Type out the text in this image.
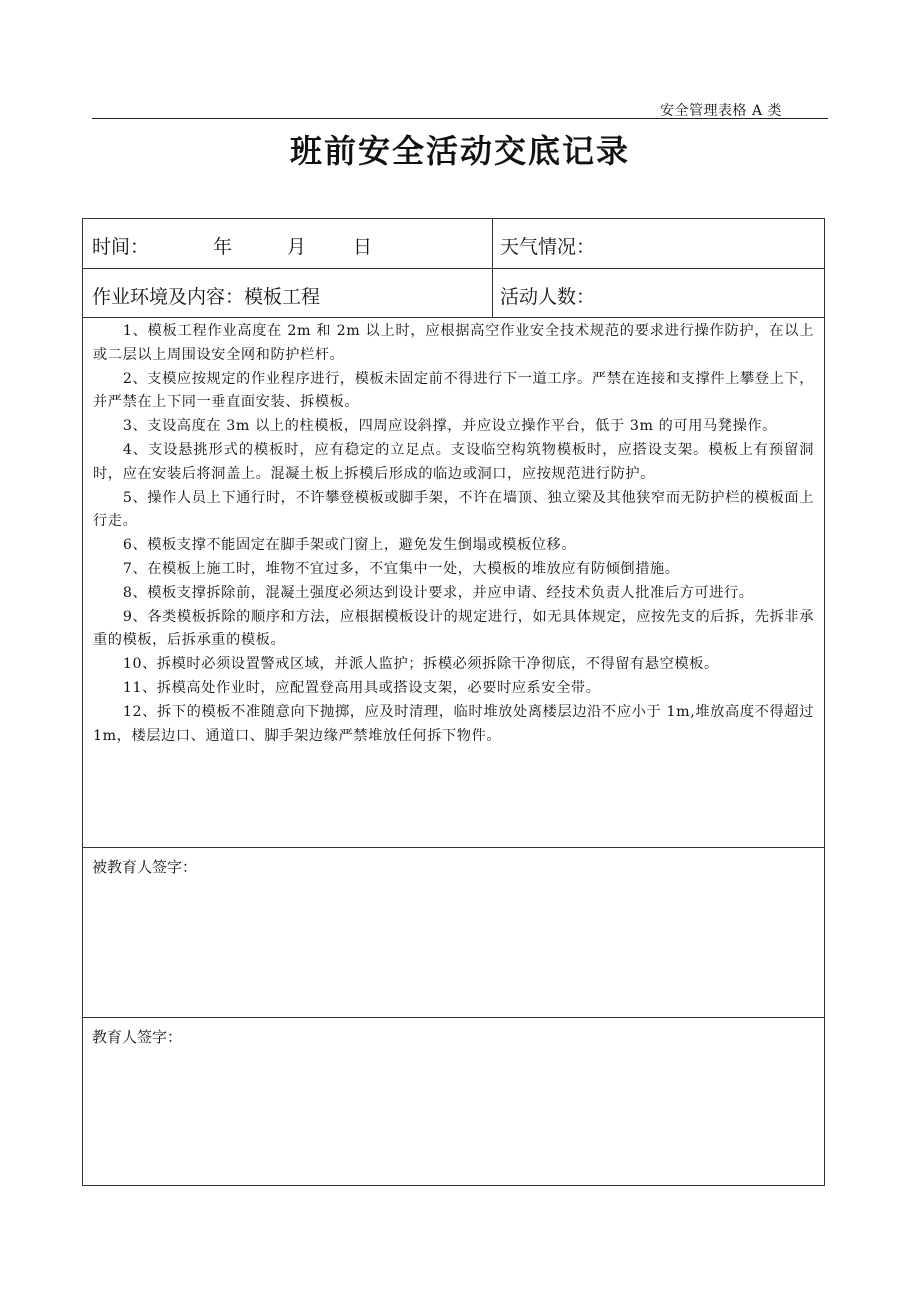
安全管理表格 A 类
班前安全活动交底记录
时间：	年	月 日	天气情况：
作业环境及内容：模板工程	活动人数：

1、模板工程作业高度在 2m 和 2m 以上时，应根据高空作业安全技术规范的要求进行操作防护，在以上或二层以上周围设安全网和防护栏杆。

2、支模应按规定的作业程序进行，模板未固定前不得进行下一道工序。严禁在连接和支撑件上攀登上下，并严禁在上下同一垂直面安装、拆模板。

3、支设高度在 3m 以上的柱模板，四周应设斜撑，并应设立操作平台，低于 3m 的可用马凳操作。

4、支设悬挑形式的模板时，应有稳定的立足点。支设临空构筑物模板时，应搭设支架。模板上有预留洞时，应在安装后将洞盖上。混凝土板上拆模后形成的临边或洞口，应按规范进行防护。

5、操作人员上下通行时，不许攀登模板或脚手架，不许在墙顶、独立梁及其他狭窄而无防护栏的模板面上行走。

6、模板支撑不能固定在脚手架或门窗上，避免发生倒塌或模板位移。

7、在模板上施工时，堆物不宜过多，不宜集中一处，大模板的堆放应有防倾倒措施。

8、模板支撑拆除前，混凝土强度必须达到设计要求，并应申请、经技术负责人批准后方可进行。

9、各类模板拆除的顺序和方法，应根据模板设计的规定进行，如无具体规定，应按先支的后拆，先拆非承重的模板，后拆承重的模板。

10、拆模时必须设置警戒区域，并派人监护；拆模必须拆除干净彻底，不得留有悬空模板。

11、拆模高处作业时，应配置登高用具或搭设支架，必要时应系安全带。

12、拆下的模板不准随意向下抛掷，应及时清理，临时堆放处离楼层边沿不应小于 1m,堆放高度不得超过 1m，楼层边口、通道口、脚手架边缘严禁堆放任何拆下物件。

被教育人签字：
教育人签字：
